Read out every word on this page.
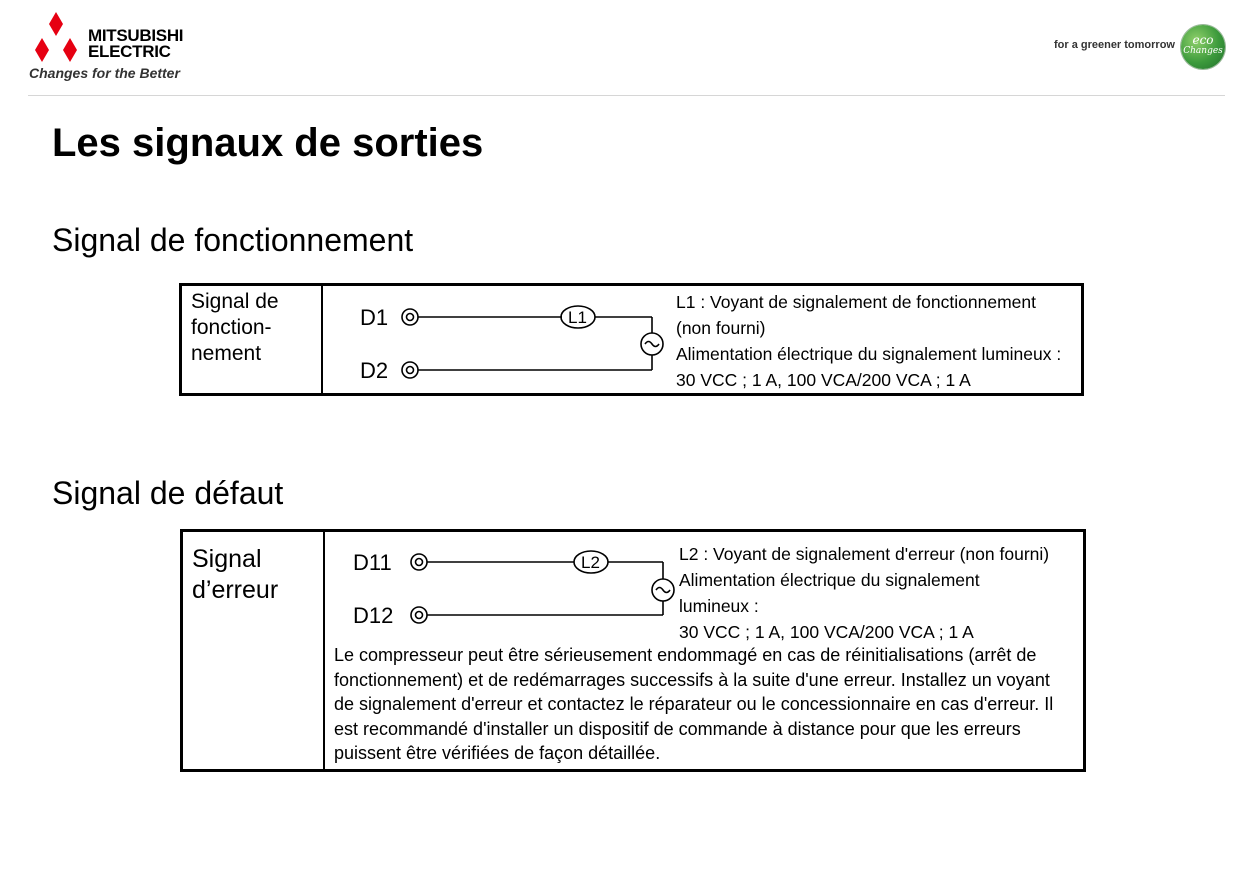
MITSUBISHI
ELECTRIC
Changes for the Better
for a greener tomorrow	eco
Changes
Les signaux de sorties
Signal de fonctionnement
Signal de
fonction-
nement
D1
D2
L1
L1 : Voyant de signalement de fonctionnement
(non fourni)
Alimentation électrique du signalement lumineux :
30 VCC ; 1 A, 100 VCA/200 VCA ; 1 A
Signal de défaut
Signal
d’erreur
D11
D12
L2	L2 : Voyant de signalement d'erreur (non fourni)
Alimentation électrique du signalement
lumineux :
30 VCC ; 1 A, 100 VCA/200 VCA ; 1 A
Le compresseur peut être sérieusement endommagé en cas de réinitialisations (arrêt de fonctionnement) et de redémarrages successifs à la suite d'une erreur. Installez un voyant de signalement d'erreur et contactez le réparateur ou le concessionnaire en cas d'erreur. Il est recommandé d'installer un dispositif de commande à distance pour que les erreurs puissent être vérifiées de façon détaillée.
